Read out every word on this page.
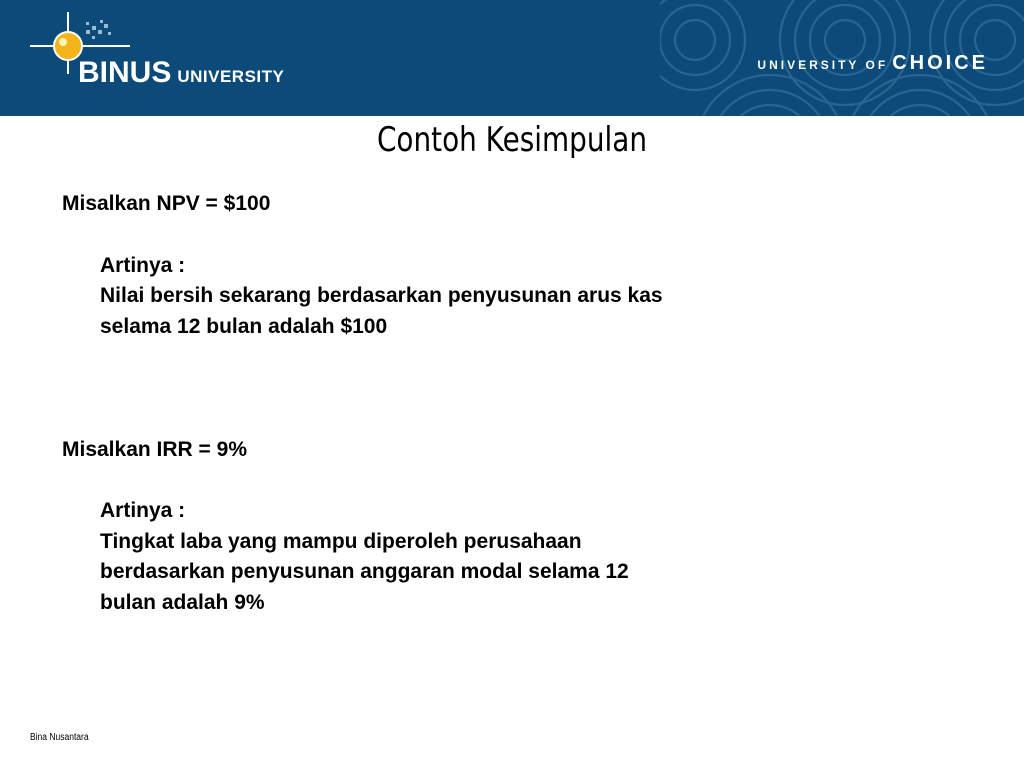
BINUS UNIVERSITY
UNIVERSITY OF CHOICE
Contoh Kesimpulan
Misalkan NPV = $100
Artinya :
Nilai bersih sekarang berdasarkan penyusunan arus kas
selama 12 bulan adalah $100
Misalkan IRR = 9%
Artinya :
Tingkat laba yang mampu diperoleh perusahaan
berdasarkan penyusunan anggaran modal selama 12
bulan adalah 9%
Bina Nusantara
